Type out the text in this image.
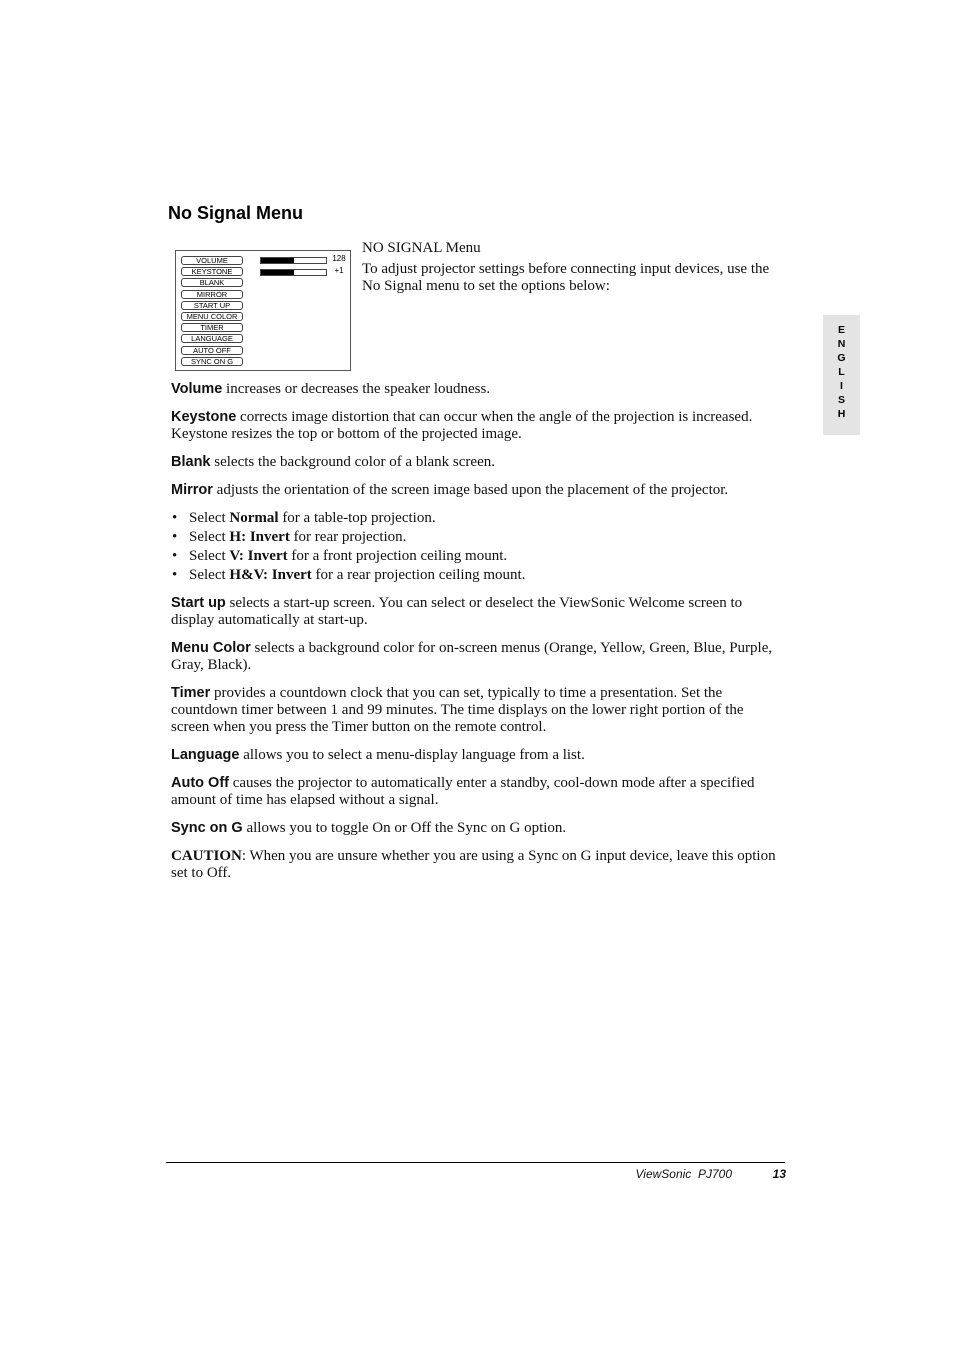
No Signal Menu
VOLUME
KEYSTONE
BLANK
MIRROR
START UP
MENU COLOR
TIMER
LANGUAGE
AUTO OFF
SYNC ON G
128
+1

NO SIGNAL Menu

To adjust projector settings before connecting input devices, use the No Signal menu to set the options below:

Volume increases or decreases the speaker loudness.

Keystone corrects image distortion that can occur when the angle of the projection is increased. Keystone resizes the top or bottom of the projected image.

Blank selects the background color of a blank screen.

Mirror adjusts the orientation of the screen image based upon the placement of the projector.

• Select Normal for a table-top projection.
• Select H: Invert for rear projection.
• Select V: Invert for a front projection ceiling mount.
• Select H&V: Invert for a rear projection ceiling mount.

Start up selects a start-up screen. You can select or deselect the ViewSonic Welcome screen to display automatically at start-up.

Menu Color selects a background color for on-screen menus (Orange, Yellow, Green, Blue, Purple, Gray, Black).

Timer provides a countdown clock that you can set, typically to time a presentation. Set the countdown timer between 1 and 99 minutes. The time displays on the lower right portion of the screen when you press the Timer button on the remote control.

Language allows you to select a menu-display language from a list.

Auto Off causes the projector to automatically enter a standby, cool-down mode after a specified amount of time has elapsed without a signal.

Sync on G allows you to toggle On or Off the Sync on G option.

CAUTION: When you are unsure whether you are using a Sync on G input device, leave this option set to Off.

E
N
G
L
I
S
H
ViewSonic  PJ700	13
